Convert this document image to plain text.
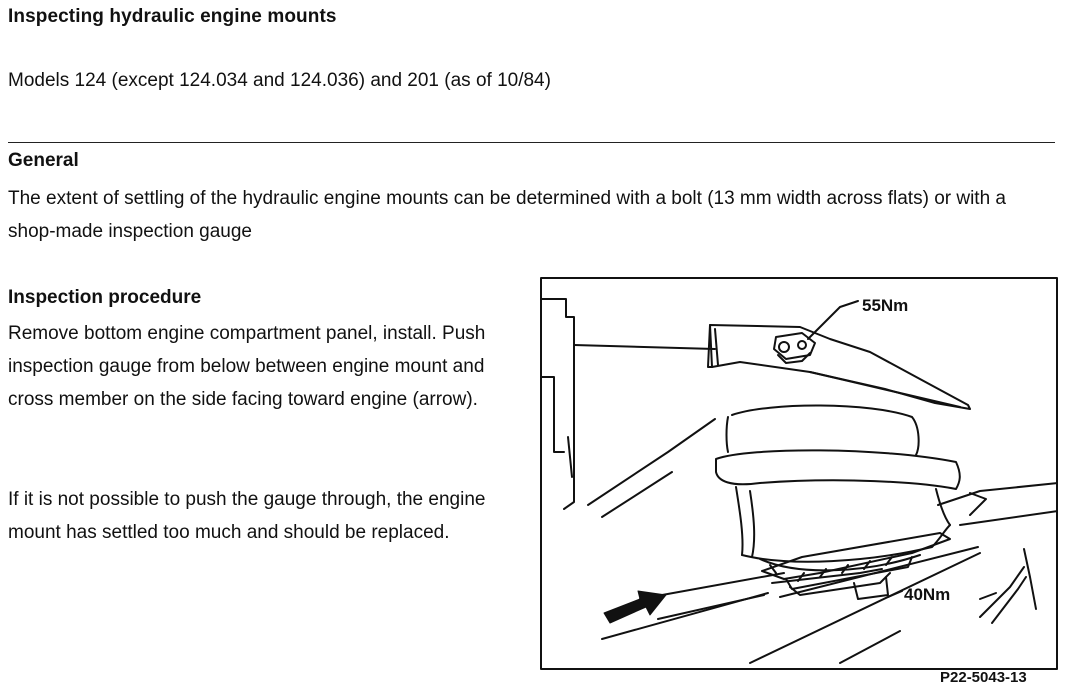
Inspecting hydraulic engine mounts
Models 124 (except 124.034 and 124.036) and 201 (as of 10/84)
General
The extent of settling of the hydraulic engine mounts can be determined with a bolt (13 mm width across flats) or with a shop-made inspection gauge
Inspection procedure
Remove bottom engine compartment panel, install. Push inspection gauge from below between engine mount and cross member on the side facing toward engine (arrow).
If it is not possible to push the gauge through, the engine mount has settled too much and should be replaced.
55Nm
40Nm
P22-5043-13
